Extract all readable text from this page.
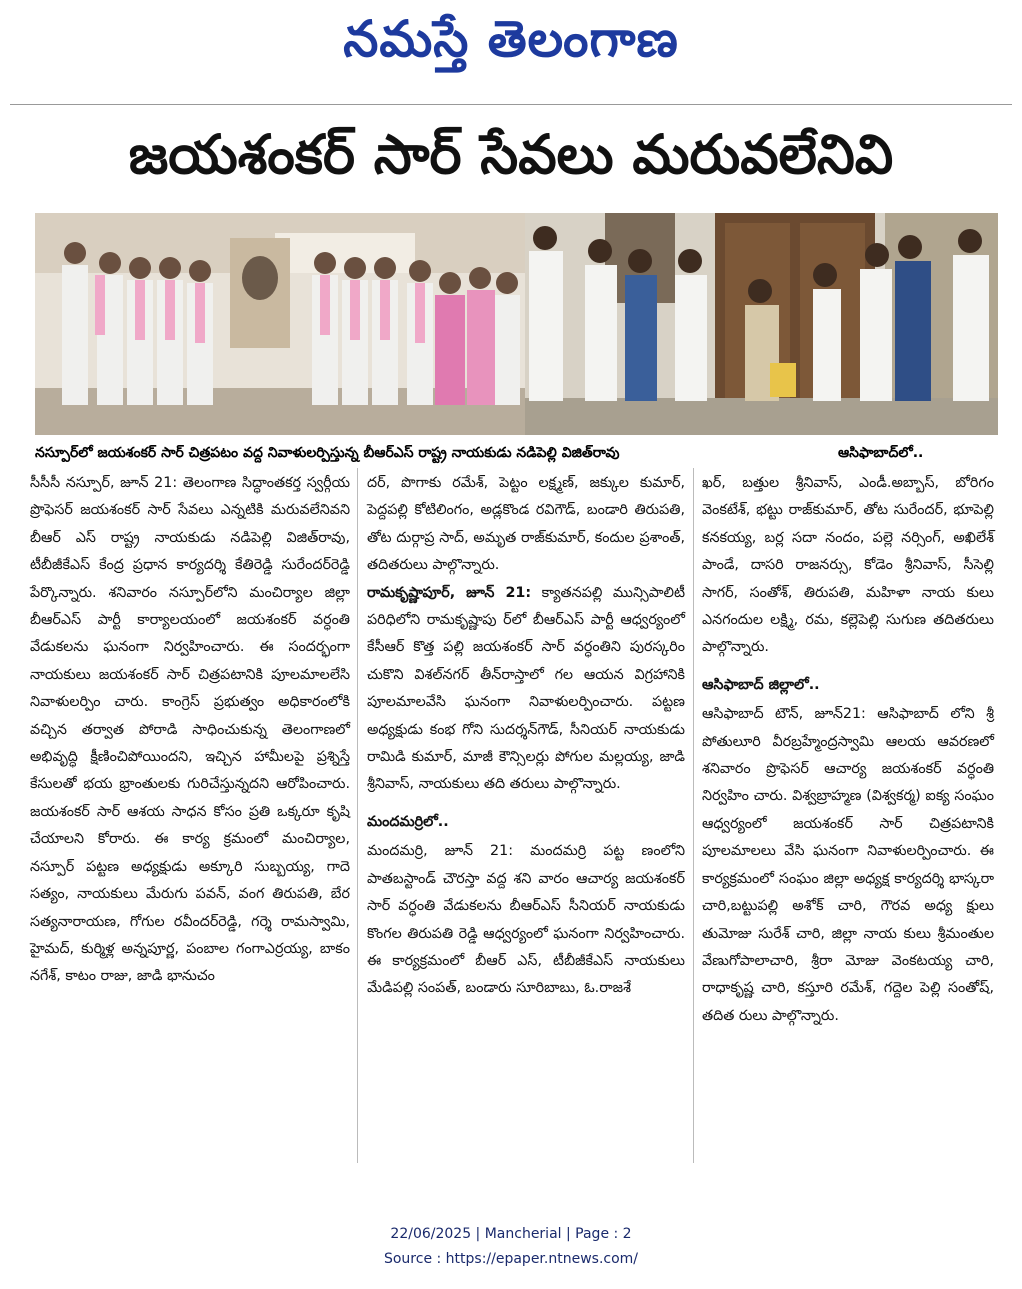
నమస్తే తెలంగాణ
జయశంకర్ సార్ సేవలు మరువలేనివి
నస్పూర్‌లో జయశంకర్ సార్ చిత్రపటం వద్ద నివాళులర్పిస్తున్న బీఆర్ఎస్ రాష్ట్ర నాయకుడు నడిపెల్లి విజిత్‌రావు	ఆసిఫాబాద్‌లో..

సీసీసీ నస్పూర్, జూన్ 21: తెలంగాణ సిద్ధాంతకర్త స్వర్గీయ ప్రొఫెసర్ జయశంకర్ సార్ సేవలు ఎన్నటికి మరువలేనివని బీఆర్ ఎస్ రాష్ట్ర నాయకుడు నడిపెల్లి విజిత్‌రావు, టీబీజీకేఎస్ కేంద్ర ప్రధాన కార్యదర్శి కేతిరెడ్డి సురేందర్‌రెడ్డి పేర్కొన్నారు. శనివారం నస్పూర్‌లోని మంచిర్యాల జిల్లా బీఆర్ఎస్ పార్టీ కార్యాలయంలో జయశంకర్ వర్ధంతి వేడుకలను ఘనంగా నిర్వహించారు. ఈ సందర్భంగా నాయకులు జయశంకర్ సార్ చిత్రపటానికి పూలమాలలేసి నివాళులర్పిం చారు. కాంగ్రెస్ ప్రభుత్వం అధికారంలోకి వచ్చిన తర్వాత పోరాడి సాధించుకున్న తెలంగాణలో అభివృద్ధి క్షీణించిపోయిందని, ఇచ్చిన హామీలపై ప్రశ్నిస్తే కేసులతో భయ భ్రాంతులకు గురిచేస్తున్నదని ఆరోపించారు. జయశంకర్ సార్ ఆశయ సాధన కోసం ప్రతి ఒక్కరూ కృషి చేయాలని కోరారు. ఈ కార్య క్రమంలో మంచిర్యాల, నస్పూర్ పట్టణ అధ్యక్షుడు అక్కూరి సుబ్బయ్య, గాదె సత్యం, నాయకులు మేరుగు పవన్, వంగ తిరుపతి, బేర సత్యనారాయణ, గోగుల రవీందర్‌రెడ్డి, గర్శె రామస్వామి, హైమద్, కుర్మిళ్ల అన్నపూర్ణ, పంబాల గంగాఎర్రయ్య, బాకం నగేశ్, కాటం రాజు, జాడి భానుచం

దర్, పొగాకు రమేశ్, పెట్టం లక్ష్మణ్, జక్కుల కుమార్, పెద్దపల్లి కోటిలింగం, అడ్లకొండ రవిగౌడ్, బండారి తిరుపతి, తోట దుర్గాప్ర సాద్, అమృత రాజ్‌కుమార్, కందుల ప్రశాంత్, తదితరులు పాల్గొన్నారు.

రామకృష్ణాపూర్, జూన్ 21: క్యాతనపల్లి మున్సిపాలిటీ పరిధిలోని రామకృష్ణాపు ర్‌లో బీఆర్ఎస్ పార్టీ ఆధ్వర్యంలో కేసీఆర్ కొత్త పల్లి జయశంకర్ సార్ వర్ధంతిని పురస్కరిం చుకొని విశల్‌నగర్ తీన్‌రాస్తాలో గల ఆయన విగ్రహానికి పూలమాలవేసి ఘనంగా నివాళులర్పించారు. పట్టణ అధ్యక్షుడు కంభ గోని సుదర్శన్‌గౌడ్, సీనియర్ నాయకుడు రామిడి కుమార్, మాజీ కౌన్సిలర్లు పోగుల మల్లయ్య, జాడి శ్రీనివాస్, నాయకులు తది తరులు పాల్గొన్నారు.

మందమర్రిలో..

మందమర్రి, జూన్ 21: మందమర్రి పట్ట ణంలోని పాతబస్టాండ్ చౌరస్తా వద్ద శని వారం ఆచార్య జయశంకర్ సార్ వర్ధంతి వేడుకలను బీఆర్ఎస్ సీనియర్ నాయకుడు కొంగల తిరుపతి రెడ్డి ఆధ్వర్యంలో ఘనంగా నిర్వహించారు. ఈ కార్యక్రమంలో బీఆర్ ఎస్, టీబీజీకేఎస్ నాయకులు మేడిపల్లి సంపత్, బండారు సూరిబాబు, ఓ.రాజశే

ఖర్, బత్తుల శ్రీనివాస్, ఎండీ.అబ్బాస్, బోరిగం వెంకటేశ్, భట్టు రాజ్‌కుమార్, తోట సురేందర్, భూపెల్లి కనకయ్య, బర్ల సదా నందం, పల్లె నర్సింగ్, అఖిలేశ్ పాండే, దాసరి రాజనర్సు, కోడెం శ్రీనివాస్, సీసెల్లి సాగర్, సంతోశ్, తిరుపతి, మహిళా నాయ కులు ఎనగందుల లక్ష్మి, రమ, కల్లెపెల్లి సుగుణ తదితరులు పాల్గొన్నారు.

ఆసిఫాబాద్ జిల్లాలో..

ఆసిఫాబాద్ టౌన్, జూన్21: ఆసిఫాబాద్ లోని శ్రీ పోతులూరి వీరబ్రహ్మేంద్రస్వామి ఆలయ ఆవరణలో శనివారం ప్రొఫెసర్ ఆచార్య జయశంకర్ వర్ధంతి నిర్వహిం చారు. విశ్వబ్రాహ్మణ (విశ్వకర్మ) ఐక్య సంఘం ఆధ్వర్యంలో జయశంకర్ సార్ చిత్రపటానికి పూలమాలలు వేసి ఘనంగా నివాళులర్పించారు. ఈ కార్యక్రమంలో సంఘం జిల్లా అధ్యక్ష కార్యదర్శి భాస్కరా చారి,బట్టుపల్లి అశోక్ చారి, గౌరవ అధ్య క్షులు తుమోజు సురేశ్ చారి, జిల్లా నాయ కులు శ్రీమంతుల వేణుగోపాలాచారి, శ్రీరా మోజు వెంకటయ్య చారి, రాధాకృష్ణ చారి, కస్తూరి రమేశ్, గద్దెల పెల్లి సంతోష్, తదిత రులు పాల్గొన్నారు.

22/06/2025 | Mancherial | Page : 2
Source : https://epaper.ntnews.com/
